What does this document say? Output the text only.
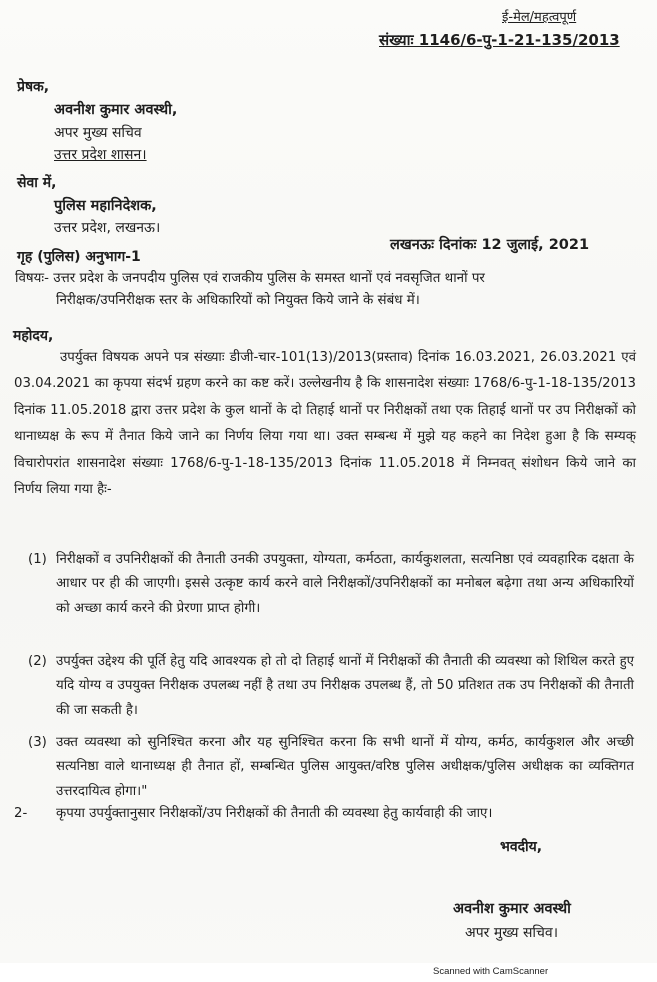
ई-मेल/महत्वपूर्ण
संख्याः 1146/6-पु-1-21-135/2013
प्रेषक,
अवनीश कुमार अवस्थी,
अपर मुख्य सचिव
उत्तर प्रदेश शासन।
सेवा में,
पुलिस महानिदेशक,
उत्तर प्रदेश, लखनऊ।
गृह (पुलिस) अनुभाग-1
लखनऊः दिनांकः 12 जुलाई, 2021
विषयः- उत्तर प्रदेश के जनपदीय पुलिस एवं राजकीय पुलिस के समस्त थानों एवं नवसृजित थानों पर
निरीक्षक/उपनिरीक्षक स्तर के अधिकारियों को नियुक्त किये जाने के संबंध में।
महोदय,
उपर्युक्त विषयक अपने पत्र संख्याः डीजी-चार-101(13)/2013(प्रस्ताव) दिनांक 16.03.2021, 26.03.2021 एवं 03.04.2021 का कृपया संदर्भ ग्रहण करने का कष्ट करें। उल्लेखनीय है कि शासनादेश संख्याः 1768/6-पु-1-18-135/2013 दिनांक 11.05.2018 द्वारा उत्तर प्रदेश के कुल थानों के दो तिहाई थानों पर निरीक्षकों तथा एक तिहाई थानों पर उप निरीक्षकों को थानाध्यक्ष के रूप में तैनात किये जाने का निर्णय लिया गया था। उक्त सम्बन्ध में मुझे यह कहने का निदेश हुआ है कि सम्यक् विचारोपरांत शासनादेश संख्याः 1768/6-पु-1-18-135/2013 दिनांक 11.05.2018 में निम्नवत् संशोधन किये जाने का निर्णय लिया गया हैः-
(1) निरीक्षकों व उपनिरीक्षकों की तैनाती उनकी उपयुक्ता, योग्यता, कर्मठता, कार्यकुशलता, सत्यनिष्ठा एवं व्यवहारिक दक्षता के आधार पर ही की जाएगी। इससे उत्कृष्ट कार्य करने वाले निरीक्षकों/उपनिरीक्षकों का मनोबल बढ़ेगा तथा अन्य अधिकारियों को अच्छा कार्य करने की प्रेरणा प्राप्त होगी।
(2) उपर्युक्त उद्देश्य की पूर्ति हेतु यदि आवश्यक हो तो दो तिहाई थानों में निरीक्षकों की तैनाती की व्यवस्था को शिथिल करते हुए यदि योग्य व उपयुक्त निरीक्षक उपलब्ध नहीं है तथा उप निरीक्षक उपलब्ध हैं, तो 50 प्रतिशत तक उप निरीक्षकों की तैनाती की जा सकती है।
(3) उक्त व्यवस्था को सुनिश्चित करना और यह सुनिश्चित करना कि सभी थानों में योग्य, कर्मठ, कार्यकुशल और अच्छी सत्यनिष्ठा वाले थानाध्यक्ष ही तैनात हों, सम्बन्धित पुलिस आयुक्त/वरिष्ठ पुलिस अधीक्षक/पुलिस अधीक्षक का व्यक्तिगत उत्तरदायित्व होगा।"
2- कृपया उपर्युक्तानुसार निरीक्षकों/उप निरीक्षकों की तैनाती की व्यवस्था हेतु कार्यवाही की जाए।
भवदीय,
अवनीश कुमार अवस्थी
अपर मुख्य सचिव।
Scanned with CamScanner
